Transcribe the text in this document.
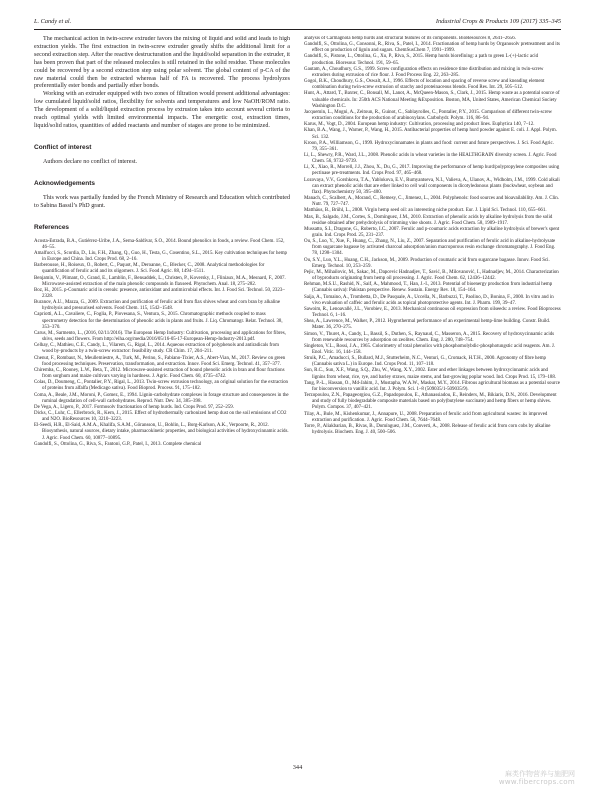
L. Candy et al.	Industrial Crops & Products 109 (2017) 335–345

The mechanical action in twin-screw extruder favors the mixing of liquid and solid and leads to high extraction yields. The first extraction in twin-screw extruder greatly shifts the additional limit for a second extraction step. After the reactive destructuration and the liquid/solid separation in the extruder, it has been proven that part of the released molecules is still retained in the solid residue. These molecules could be recovered by a second extraction step using polar solvent. The global content of p-CA of the raw material could then be extracted whereas half of FA is recovered. The process hydrolyzes preferentially ester bonds and partially ether bonds.

Working with an extruder equipped with two zones of filtration would present additional advantages: low cumulated liquid/solid ratios, flexibility for solvents and temperatures and low NaOH/ROM ratio. The development of a solid/liquid extraction process by extrusion takes into account several criteria to reach optimal yields with limited environmental impacts. The energetic cost, extraction times, liquid/solid ratios, quantities of added reactants and number of stages are prone to be minimized.

Conflict of interest

Authors declare no conflict of interest.

Acknowledgements

This work was partially funded by the French Ministry of Research and Education which contributed to Sabina Bassil’s PhD grant.

References

Acosta-Estrada, B.A., Gutiérrez-Uribe, J.A., Serna-Saldívar, S.O., 2014. Bound phenolics in foods, a review. Food Chem. 152, 46–55.

Amalfucci, S., Scordia, D., Liu, F.H., Zhang, Q., Guo, H., Testa, G., Cosentino, S.L., 2015. Key cultivation techniques for hemp in Europe and China. Ind. Crops Prod. 68, 2–16.

Barberousse, H., Roiseux, O., Robert, C., Paquot, M., Deroanne, C., Blecker, C., 2008. Analytical methodologies for quantification of ferulic acid and its oligomers. J. Sci. Food Agric. 88, 1494–1511.

Benjamin, V., Plimant, O., Grand, E., Lamblin, F., Bensaddek, L., Christen, P., Koversky, J., Fliniaux, M.A., Mesnard, F., 2007. Microwave-assisted extraction of the main phenolic compounds in flaxseed. Phytochem. Anal. 18, 275–282.

Boz, H., 2015. p-Coumaric acid in cereals: presence, antioxidant and antimicrobial effects. Int. J. Food Sci. Technol. 50, 2323–2328.

Buranov, A.U., Mazza, G., 2009. Extraction and purification of ferulic acid from flax shives wheat and corn bran by alkaline hydrolysis and pressurised solvents. Food Chem. 115, 1542–1548.

Capriotti, A.L., Cavaliere, C., Foglia, P., Piovesana, S., Ventura, S., 2015. Chromatographic methods coupled to mass spectrometry detection for the determination of phenolic acids in plants and fruits. J. Liq. Chromatogr. Relat. Technol. 38, 353–370.

Carus, M., Sarmento, L., (2016, 02/11/2016). The European Hemp Industry: Cultivation, processing and applications for fibres, shivs, seeds and flowers. From http://eiha.org/media/2016/05/16-05-17-European-Hemp-Industry-2013.pdf.

Celhay, C., Mathieu, C.E., Candy, L., Vilarem, G., Rigal, L., 2014. Aqueous extraction of polyphenols and antiradicals from wood by-products by a twin-screw extractor: feasibility study. CR Chim. 17, 204–211.

Chenut, F., Rombaut, N., Meullemiestre, A., Turk, M., Perino, S., Fabiano-Tixier, A.S., Abert-Vian, M., 2017. Review on green food processing techniques. Preservation, transformation, and extraction. Innov. Food Sci. Emerg. Technol. 41, 357–377.

Chiremba, C., Rooney, L.W., Beta, T., 2012. Microwave-assisted extraction of bound phenolic acids in bran and flour fractions from sorghum and maize cultivars varying in hardness. J. Agric. Food Chem. 60, 4735–4742.

Colas, D., Doumeng, C., Pontalier, P.Y., Rigal, L., 2013. Twin-screw extrusion technology, an original solution for the extraction of proteins from alfalfa (Medicago sativa). Food Bioprod. Process. 91, 175–182.

Coma, A., Beale, J.M., Moroni, P., Gomez, E., 1994. Lignin-carbohydrate complexes in forage structure and consequences in the ruminal degradation of cell-wall carbohydrates. Reprod. Nutr. Dev. 34, 385–398.

De Vega, A., Ligero, P., 2017. Formosolv fractionation of hemp hurds. Ind. Crops Prod. 97, 252–259.

Dicks, C., Luhr, C., Ellerbrock, R., Kern, J., 2015. Effect of hydrothermally carbonized hemp dust on the soil emissions of CO2 and N2O. BioResources 10, 3210–3223.

El-Seedi, H.R., El-Said, A.M.A., Khalifa, S.A.M., Göransson, U., Bohlin, L., Borg-Karlson, A.K., Verpoorte, R., 2012. Biosynthesis, natural sources, dietary intake, pharmacokinetic properties, and biological activities of hydroxycinnamic acids. J. Agric. Food Chem. 60, 10877–10895.

Gandolfi, S., Ottolina, G., Riva, S., Fantoni, G.P., Patel, I., 2013. Complete chemical

analysis of Carmagnola hemp hurds and structural features of its components. BioResources 8, 2641–2656.

Gandolfi, S., Ottolina, G., Consonni, R., Riva, S., Patel, I., 2014. Fractionation of hemp hurds by Organosolv pretreatment and its effect on production of lignin and sugars. ChemSusChem 7, 1991–1999.

Gandolfi, S., Pistone, L., Ottolina, G., Xu, P., Riva, S., 2015. Hemp hurds biorefining: a path to green L-(+)-lactic acid production. Bioresour. Technol. 191, 59–65.

Gautam, A., Choudhury, G.S., 1999. Screw configuration effects on residence time distribution and mixing in twin-screw extruders during extrusion of rice flour. J. Food Process Eng. 22, 263–285.

Gogoi, B.K., Choudhury, G.S., Oswalt, A.J., 1996. Effects of location and spacing of reverse screw and kneading element combination during twin-screw extrusion of starchy and proteinaceous blends. Food Res. Int. 29, 505–512.

Hunt, A., Attard, T., Baxter, C., Bonsall, M., Lanot, A., McQueen-Mason, S., Clark, J., 2015. Hemp waste as a potential source of valuable chemicals. In: 250th ACS National Meeting &Exposition. Boston, MA, United States, American Chemical Society Washington D.C.

Jacquemin, L., Mogni, A., Zeitoun, R., Guinot, C., Sablayrolles, C., Pontalier, P.Y., 2015. Comparison of different twin-screw extraction conditions for the production of arabinoxylans. Carbohydr. Polym. 116, 86–94.

Karus, M., Vogt, D., 2004. European hemp industry: Cultivation, processing and product lines. Euphytica 140, 7–12.

Khan, B.A., Wang, J., Warner, P., Wang, H., 2015. Antibacterial properties of hemp hurd powder against E. coli. J. Appl. Polym. Sci. 132.

Kroon, P.A., Williamson, G., 1999. Hydroxycinnamates in plants and food: current and future perspectives. J. Sci. Food Agric. 79, 355–361.

Li, L., Shewry, P.R., Ward, J.L., 2008. Phenolic acids in wheat varieties in the HEALTHGRAIN diversity screen. J. Agric. Food Chem. 56, 9732–9739.

Li, X., Xiao, R., Morrell, J.J., Zhou, X., Du, G., 2017. Improving the performance of hemp hurd/polypropylene composites using pectinase pre-treatments. Ind. Crops Prod. 97, 465–468.

Lozovaya, V.V., Gorshkova, T.A., Yablokova, E.V., Rumyantseva, N.I., Valieva, A., Ulanov, A., Widholm, J.M., 1999. Cold alkali can extract phenolic acids that are ether linked to cell wall components in dicotyledonous plants (buckwheat, soybean and flax). Phytochemistry 50, 395–400.

Manach, C., Scalbert, A., Morand, C., Remesy, C., Jimenez, L., 2004. Polyphenols: food sources and bioavailability. Am. J. Clin. Nutr. 79, 727–747.

Matthäus, B., Brühl, L., 2008. Virgin hemp seed oil: an interesting niche product. Eur. J. Lipid Sci. Technol. 110, 655–661.

Max, B., Salgado, J.M., Cortes, S., Domínguez, J.M., 2010. Extraction of phenolic acids by alkaline hydrolysis from the solid residue obtained after prehydrolysis of trimming vine shoots. J. Agric. Food Chem. 58, 1909–1917.

Mussatto, S.I., Dragone, G., Roberto, I.C., 2007. Ferulic and p-coumaric acids extraction by alkaline hydrolysis of brewer's spent grain. Ind. Crops Prod. 25, 231–237.

Ou, S., Luo, Y., Xue, F., Huang, C., Zhang, N., Liu, Z., 2007. Separation and purification of ferulic acid in alkaline-hydrolysate from sugarcane bagasse by activated charcoal adsorption/anion macroporous resin exchange chromatography. J. Food Eng. 78, 1298–1304.

Ou, S.Y., Luo, Y.L., Huang, C.H., Jackson, M., 2009. Production of coumaric acid from sugarcane bagasse. Innov. Food Sci. Emerg. Technol. 10, 253–259.

Pejic, M., Mihailovic, M., Sakac, M., Dapcevic Hadnadjev, T., Savić, B., Milovanović, I., Hadnadjev, M., 2014. Characterization of byproducts originating from hemp oil processing. J. Agric. Food Chem. 62, 12436–12442.

Rehman, M.S.U., Rashid, N., Saif, A., Mahmood, T., Han, J.-I., 2013. Potential of bioenergy production from industrial hemp (Cannabis sativa): Pakistan perspective. Renew. Sustain. Energy Rev. 18, 154–164.

Saija, A., Tomaino, A., Trombetta, D., De Pasquale, A., Uccella, N., Barbuzzi, T., Paolino, D., Bonina, F., 2000. In vitro and in vivo evaluation of caffeic and ferulic acids as topical photoprotective agents. Int. J. Pharm. 199, 39–47.

Sawoim, R., Lenoavallé, J.L., Vorobiev, E., 2013. Mechanical continuous oil expression from oilseeds: a review. Food Bioprocess Technol. 6, 1–16.

Shea, A., Lawrence, M., Walker, P., 2012. Hygrothermal performance of an experimental hemp-lime building. Constr. Build. Mater. 36, 270–275.

Simon, V., Thuret, A., Candy, L., Bassil, S., Duthen, S., Raynaud, C., Masseron, A., 2015. Recovery of hydroxycinnamic acids from renewable resources by adsorption on zeolites. Chem. Eng. J. 280, 748–754.

Singleton, V.L., Rossi, J.A., 1965. Colorimetry of total phenolics with phosphomolybdic-phosphotungstic acid reagents. Am. J. Enol. Vitic. 16, 144–158.

Struik, P.C., Amaducci, S., Bullard, M.J., Stutterheim, N.C., Venturi, G., Cromack, H.T.H., 2000. Agronomy of fibre hemp (Cannabis sativa L.) in Europe. Ind. Crops Prod. 11, 107–118.

Sun, R.C., Sun, X.F., Wang, S.Q., Zhu, W., Wang, X.Y., 2002. Ester and ether linkages between hydroxycinnamic acids and lignins from wheat, rice, rye, and barley straws, maize stems, and fast-growing poplar wood. Ind. Crops Prod. 15, 179–188.

Tang, P.-L., Hassan, O., Md-Jahim, J., Mustapha, W.A.W., Maskat, M.Y., 2014. Fibrous agricultural biomass as a potential source for bioconversion to vanillic acid. Int. J. Polym. Sci. 1–8 (509035/1-509035/9).

Terzopoulou, Z.N., Papageorgiou, G.Z., Papadopoulou, E., Athanassiadou, E., Reinders, M., Bikiaris, D.N., 2016. Development and study of fully biodegradable composite materials based on poly(butylene succinate) and hemp fibers or hemp shives. Polym. Compos. 37, 407–421.

Tilay, A., Bule, M., Kishenkumar, J., Annapure, U., 2008. Preparation of ferulic acid from agricultural wastes: its improved extraction and purification. J. Agric. Food Chem. 56, 7644–7648.

Torre, P., Aliakbarian, B., Rivas, B., Domínguez, J.M., Converti, A., 2008. Release of ferulic acid from corn cobs by alkaline hydrolysis. Biochem. Eng. J. 40, 500–506.

344
麻类作物营养与施肥网
www.fibercrops.com
